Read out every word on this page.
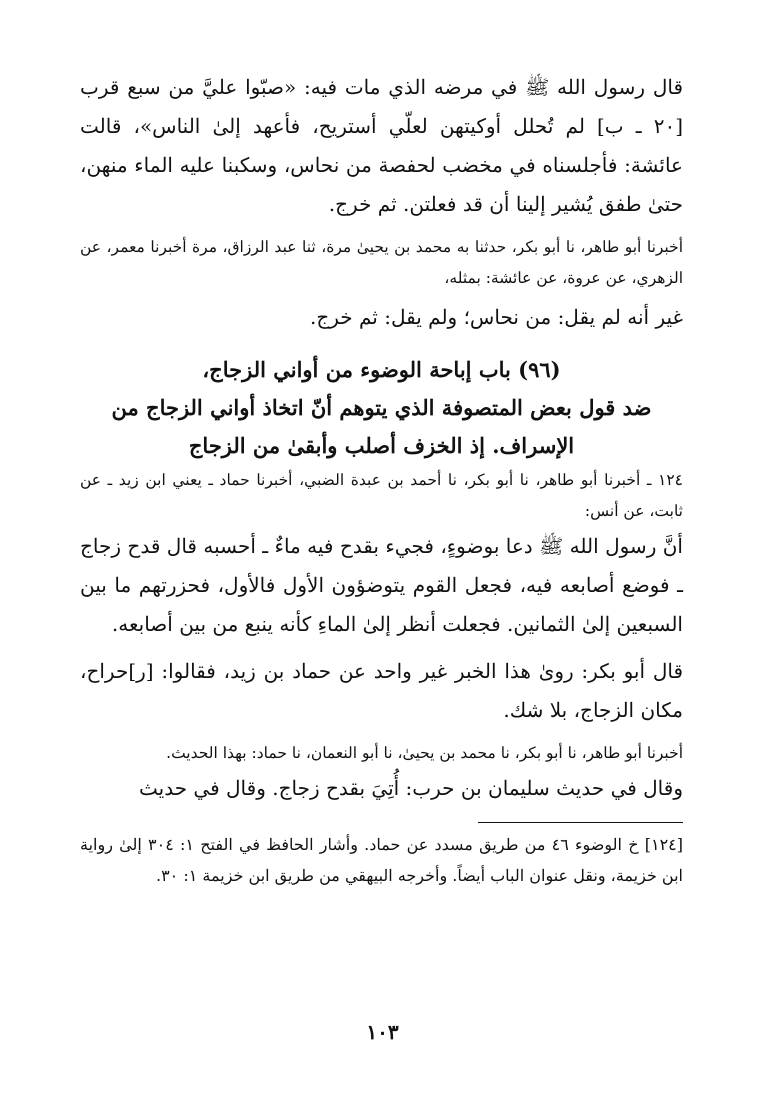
قال رسول الله ﷺ في مرضه الذي مات فيه: «صبّوا عليَّ من سبع قرب [٢٠ ـ ب] لم تُحلل أوكيتهن لعلّي أستريح، فأعهد إلىٰ الناس»، قالت عائشة: فأجلسناه في مخضب لحفصة من نحاس، وسكبنا عليه الماء منهن، حتىٰ طفق يُشير إلينا أن قد فعلتن. ثم خرج.

أخبرنا أبو طاهر، نا أبو بكر، حدثنا به محمد بن يحيىٰ مرة، ثنا عبد الرزاق، مرة أخبرنا معمر، عن الزهري، عن عروة، عن عائشة: بمثله،

غير أنه لم يقل: من نحاس؛ ولم يقل: ثم خرج.

(٩٦) باب إباحة الوضوء من أواني الزجاج،
ضد قول بعض المتصوفة الذي يتوهم أنّ اتخاذ أواني الزجاج من
الإسراف. إذ الخزف أصلب وأبقىٰ من الزجاج

١٢٤ ـ أخبرنا أبو طاهر، نا أبو بكر، نا أحمد بن عبدة الضبي، أخبرنا حماد ـ يعني ابن زيد ـ عن ثابت، عن أنس:

أنَّ رسول الله ﷺ دعا بوضوءٍ، فجيء بقدح فيه ماءٌ ـ أحسبه قال قدح زجاج ـ فوضع أصابعه فيه، فجعل القوم يتوضؤون الأول فالأول، فحزرتهم ما بين السبعين إلىٰ الثمانين. فجعلت أنظر إلىٰ الماءِ كأنه ينبع من بين أصابعه.

قال أبو بكر: رویٰ هذا الخبر غير واحد عن حماد بن زيد، فقالوا: [ر]حراح، مكان الزجاج، بلا شك.

أخبرنا أبو طاهر، نا أبو بكر، نا محمد بن يحيىٰ، نا أبو النعمان، نا حماد: بهذا الحديث.

وقال في حديث سليمان بن حرب: أُتِيَ بقدح زجاج. وقال في حديث

[١٢٤] خ الوضوء ٤٦ من طريق مسدد عن حماد. وأشار الحافظ في الفتح ١: ٣٠٤ إلىٰ رواية ابن خزيمة، ونقل عنوان الباب أيضاً. وأخرجه البيهقي من طريق ابن خزيمة ١: ٣٠.

١٠٣
